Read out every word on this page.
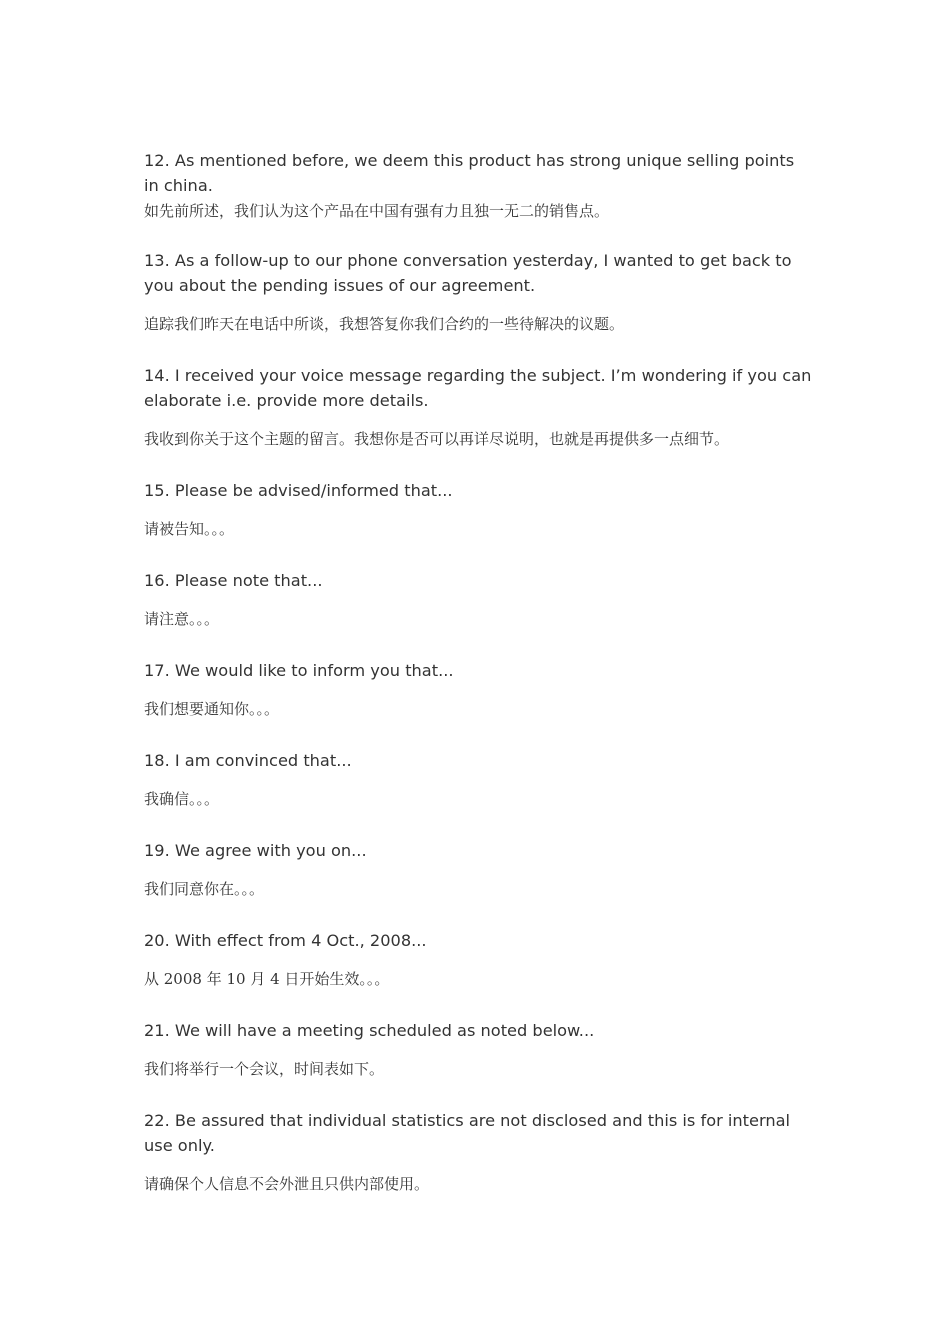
12. As mentioned before, we deem this product has strong unique selling points in china.

如先前所述，我们认为这个产品在中国有强有力且独一无二的销售点。

13. As a follow-up to our phone conversation yesterday, I wanted to get back to you about the pending issues of our agreement.

追踪我们昨天在电话中所谈，我想答复你我们合约的一些待解决的议题。

14. I received your voice message regarding the subject. I’m wondering if you can elaborate i.e. provide more details.

我收到你关于这个主题的留言。我想你是否可以再详尽说明，也就是再提供多一点细节。

15. Please be advised/informed that...

请被告知。。。

16. Please note that...

请注意。。。

17. We would like to inform you that...

我们想要通知你。。。

18. I am convinced that...

我确信。。。

19. We agree with you on...

我们同意你在。。。

20. With effect from 4 Oct., 2008...

从 2008 年 10 月 4 日开始生效。。。

21. We will have a meeting scheduled as noted below...

我们将举行一个会议，时间表如下。

22. Be assured that individual statistics are not disclosed and this is for internal use only.

请确保个人信息不会外泄且只供内部使用。
